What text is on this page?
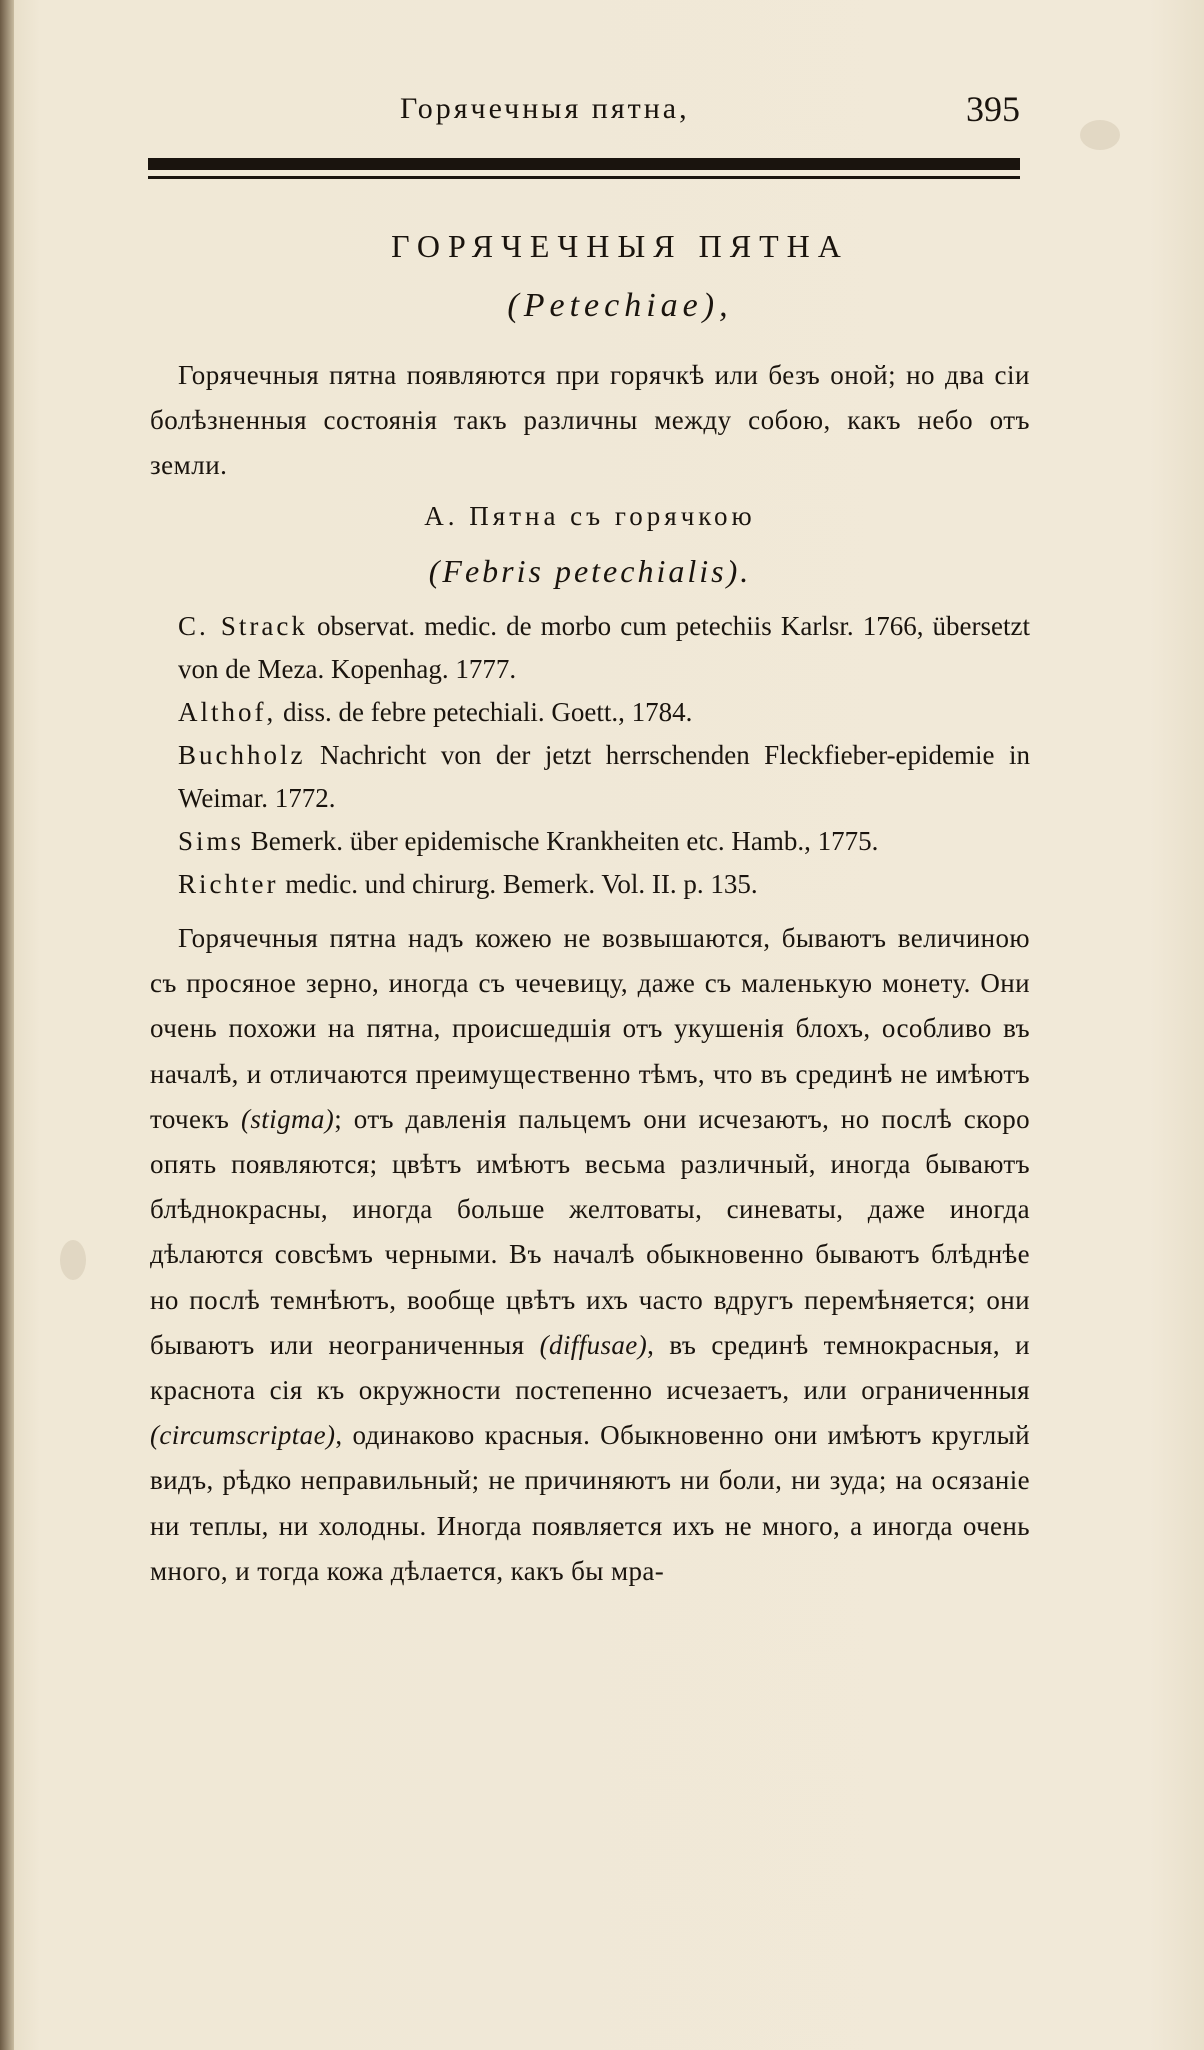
Горячечныя пятна,	395
ГОРЯЧЕЧНЫЯ ПЯТНА
(Petechiae),

Горячечныя пятна появляются при горячкѣ или безъ оной; но два сіи болѣзненныя состоянія такъ различны между собою, какъ небо отъ земли.

А. Пятна съ горячкою
(Febris petechialis).

C. Strack observat. medic. de morbo cum petechiis Karlsr. 1766, übersetzt von de Meza. Kopenhag. 1777.

Althof, diss. de febre petechiali. Goett., 1784.

Buchholz Nachricht von der jetzt herrschenden Fleckfieber-epidemie in Weimar. 1772.

Sims Bemerk. über epidemische Krankheiten etc. Hamb., 1775.

Richter medic. und chirurg. Bemerk. Vol. II. p. 135.

Горячечныя пятна надъ кожею не возвышаются, бываютъ величиною съ просяное зерно, иногда съ чечевицу, даже съ маленькую монету. Они очень похожи на пятна, происшедшія отъ укушенія блохъ, особливо въ началѣ, и отличаются преимущественно тѣмъ, что въ срединѣ не имѣютъ точекъ (stigma); отъ давленія пальцемъ они исчезаютъ, но послѣ скоро опять появляются; цвѣтъ имѣютъ весьма различный, иногда бываютъ блѣднокрасны, иногда больше желтоваты, синеваты, даже иногда дѣлаются совсѣмъ черными. Въ началѣ обыкновенно бываютъ блѣднѣе но послѣ темнѣютъ, вообще цвѣтъ ихъ часто вдругъ перемѣняется; они бываютъ или неограниченныя (diffusae), въ срединѣ темнокрасныя, и краснота сія къ окружности постепенно исчезаетъ, или ограниченныя (circumscriptae), одинаково красныя. Обыкновенно они имѣютъ круглый видъ, рѣдко неправильный; не причиняютъ ни боли, ни зуда; на осязаніе ни теплы, ни холодны. Иногда появляется ихъ не много, а иногда очень много, и тогда кожа дѣлается, какъ бы мра-
